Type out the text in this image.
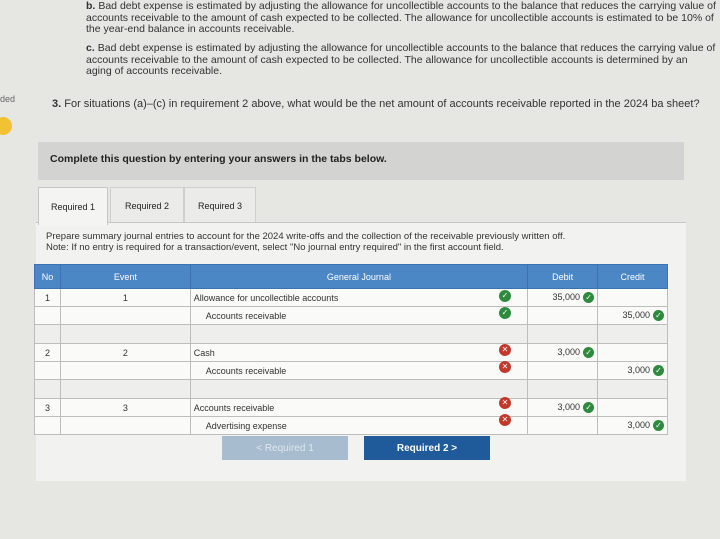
ded
b. Bad debt expense is estimated by adjusting the allowance for uncollectible accounts to the balance that reduces the carrying value of accounts receivable to the amount of cash expected to be collected. The allowance for uncollectible accounts is estimated to be 10% of the year-end balance in accounts receivable.
c. Bad debt expense is estimated by adjusting the allowance for uncollectible accounts to the balance that reduces the carrying value of accounts receivable to the amount of cash expected to be collected. The allowance for uncollectible accounts is determined by an aging of accounts receivable.
3. For situations (a)–(c) in requirement 2 above, what would be the net amount of accounts receivable reported in the 2024 ba sheet?
Complete this question by entering your answers in the tabs below.
Required 1	Required 2	Required 3
Prepare summary journal entries to account for the 2024 write-offs and the collection of the receivable previously written off.
Note: If no entry is required for a transaction/event, select "No journal entry required" in the first account field.
No	Event	General Journal	Debit	Credit
1	1	Allowance for uncollectible accounts	35,000 ✓	
		Accounts receivable		35,000 ✓

2	2	Cash	3,000 ✓	
		Accounts receivable		3,000 ✓

3	3	Accounts receivable	3,000 ✓	
		Advertising expense		3,000 ✓
✓
✓
✕
✕
✕
✕
< Required 1	Required 2 >
